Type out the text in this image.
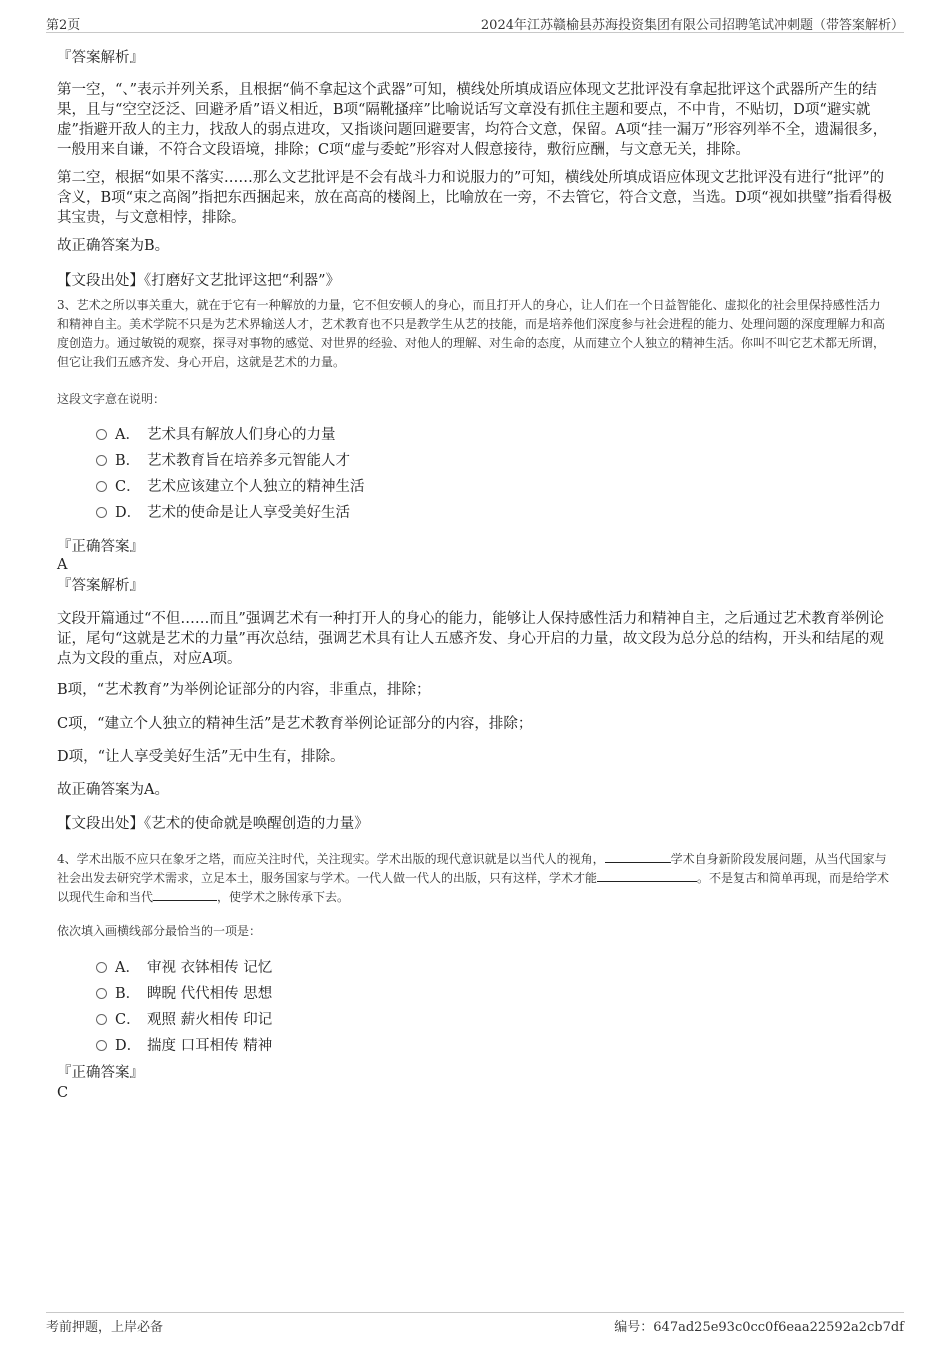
第2页	2024年江苏赣榆县苏海投资集团有限公司招聘笔试冲刺题（带答案解析）
『答案解析』
第一空，“、”表示并列关系，且根据“倘不拿起这个武器”可知，横线处所填成语应体现文艺批评没有拿起批评这个武器所产生的结果，且与“空空泛泛、回避矛盾”语义相近，B项“隔靴搔痒”比喻说话写文章没有抓住主题和要点，不中肯，不贴切，D项“避实就虚”指避开敌人的主力，找敌人的弱点进攻，又指谈问题回避要害，均符合文意，保留。A项“挂一漏万”形容列举不全，遗漏很多，一般用来自谦，不符合文段语境，排除；C项“虚与委蛇”形容对人假意接待，敷衍应酬，与文意无关，排除。
第二空，根据“如果不落实……那么文艺批评是不会有战斗力和说服力的”可知，横线处所填成语应体现文艺批评没有进行“批评”的含义，B项“束之高阁”指把东西捆起来，放在高高的楼阁上，比喻放在一旁，不去管它，符合文意，当选。D项“视如拱璧”指看得极其宝贵，与文意相悖，排除。
故正确答案为B。
【文段出处】《打磨好文艺批评这把“利器”》
3、艺术之所以事关重大，就在于它有一种解放的力量，它不但安顿人的身心，而且打开人的身心，让人们在一个日益智能化、虚拟化的社会里保持感性活力和精神自主。美术学院不只是为艺术界输送人才，艺术教育也不只是教学生从艺的技能，而是培养他们深度参与社会进程的能力、处理问题的深度理解力和高度创造力。通过敏锐的观察，探寻对事物的感觉、对世界的经验、对他人的理解、对生命的态度，从而建立个人独立的精神生活。你叫不叫它艺术都无所谓，但它让我们五感齐发、身心开启，这就是艺术的力量。
这段文字意在说明：
A． 艺术具有解放人们身心的力量
B． 艺术教育旨在培养多元智能人才
C． 艺术应该建立个人独立的精神生活
D． 艺术的使命是让人享受美好生活
『正确答案』
A
『答案解析』
文段开篇通过“不但……而且”强调艺术有一种打开人的身心的能力，能够让人保持感性活力和精神自主，之后通过艺术教育举例论证，尾句“这就是艺术的力量”再次总结，强调艺术具有让人五感齐发、身心开启的力量，故文段为总分总的结构，开头和结尾的观点为文段的重点，对应A项。
B项，“艺术教育”为举例论证部分的内容，非重点，排除；
C项，“建立个人独立的精神生活”是艺术教育举例论证部分的内容，排除；
D项，“让人享受美好生活”无中生有，排除。
故正确答案为A。
【文段出处】《艺术的使命就是唤醒创造的力量》
4、学术出版不应只在象牙之塔，而应关注时代，关注现实。学术出版的现代意识就是以当代人的视角，	学术自身新阶段发展问题，从当代国家与社会出发去研究学术需求，立足本土，服务国家与学术。一代人做一代人的出版，只有这样，学术才能	。不是复古和简单再现，而是给学术以现代生命和当代	，使学术之脉传承下去。
依次填入画横线部分最恰当的一项是：
A． 审视 衣钵相传 记忆
B． 睥睨 代代相传 思想
C． 观照 薪火相传 印记
D． 揣度 口耳相传 精神
『正确答案』
C
考前押题，上岸必备	编号：647ad25e93c0cc0f6eaa22592a2cb7df
